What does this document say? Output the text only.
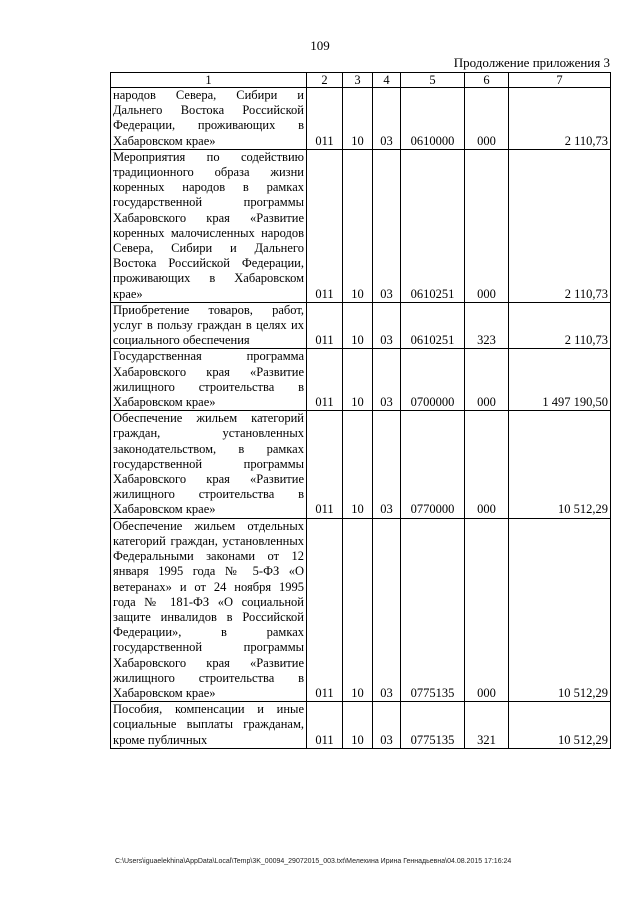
109
Продолжение приложения 3
1	2	3	4	5	6	7
народов Севера, Сибири и Дальнего Востока Российской Федерации, проживающих в Хабаровском крае»	011	10	03	0610000	000	2 110,73
Мероприятия по содействию традиционного образа жизни коренных народов в рамках государственной программы Хабаровского края «Развитие коренных малочисленных народов Севера, Сибири и Дальнего Востока Российской Федерации, проживающих в Хабаровском крае»	011	10	03	0610251	000	2 110,73
Приобретение товаров, работ, услуг в пользу граждан в целях их социального обеспечения	011	10	03	0610251	323	2 110,73
Государственная программа Хабаровского края «Развитие жилищного строительства в Хабаровском крае»	011	10	03	0700000	000	1 497 190,50
Обеспечение жильем категорий граждан, установленных законодательством, в рамках государственной программы Хабаровского края «Развитие жилищного строительства в Хабаровском крае»	011	10	03	0770000	000	10 512,29
Обеспечение жильем отдельных категорий граждан, установленных Федеральными законами от 12 января 1995 года № 5-ФЗ «О ветеранах» и от 24 ноября 1995 года № 181-ФЗ «О социальной защите инвалидов в Российской Федерации», в рамках государственной программы Хабаровского края «Развитие жилищного строительства в Хабаровском крае»	011	10	03	0775135	000	10 512,29
Пособия, компенсации и иные социальные выплаты гражданам, кроме публичных	011	10	03	0775135	321	10 512,29
C:\Users\iguaelekhina\AppData\Local\Temp\3K_00094_29072015_003.txt\Мелехина Ирина Геннадьевна\04.08.2015 17:16:24
